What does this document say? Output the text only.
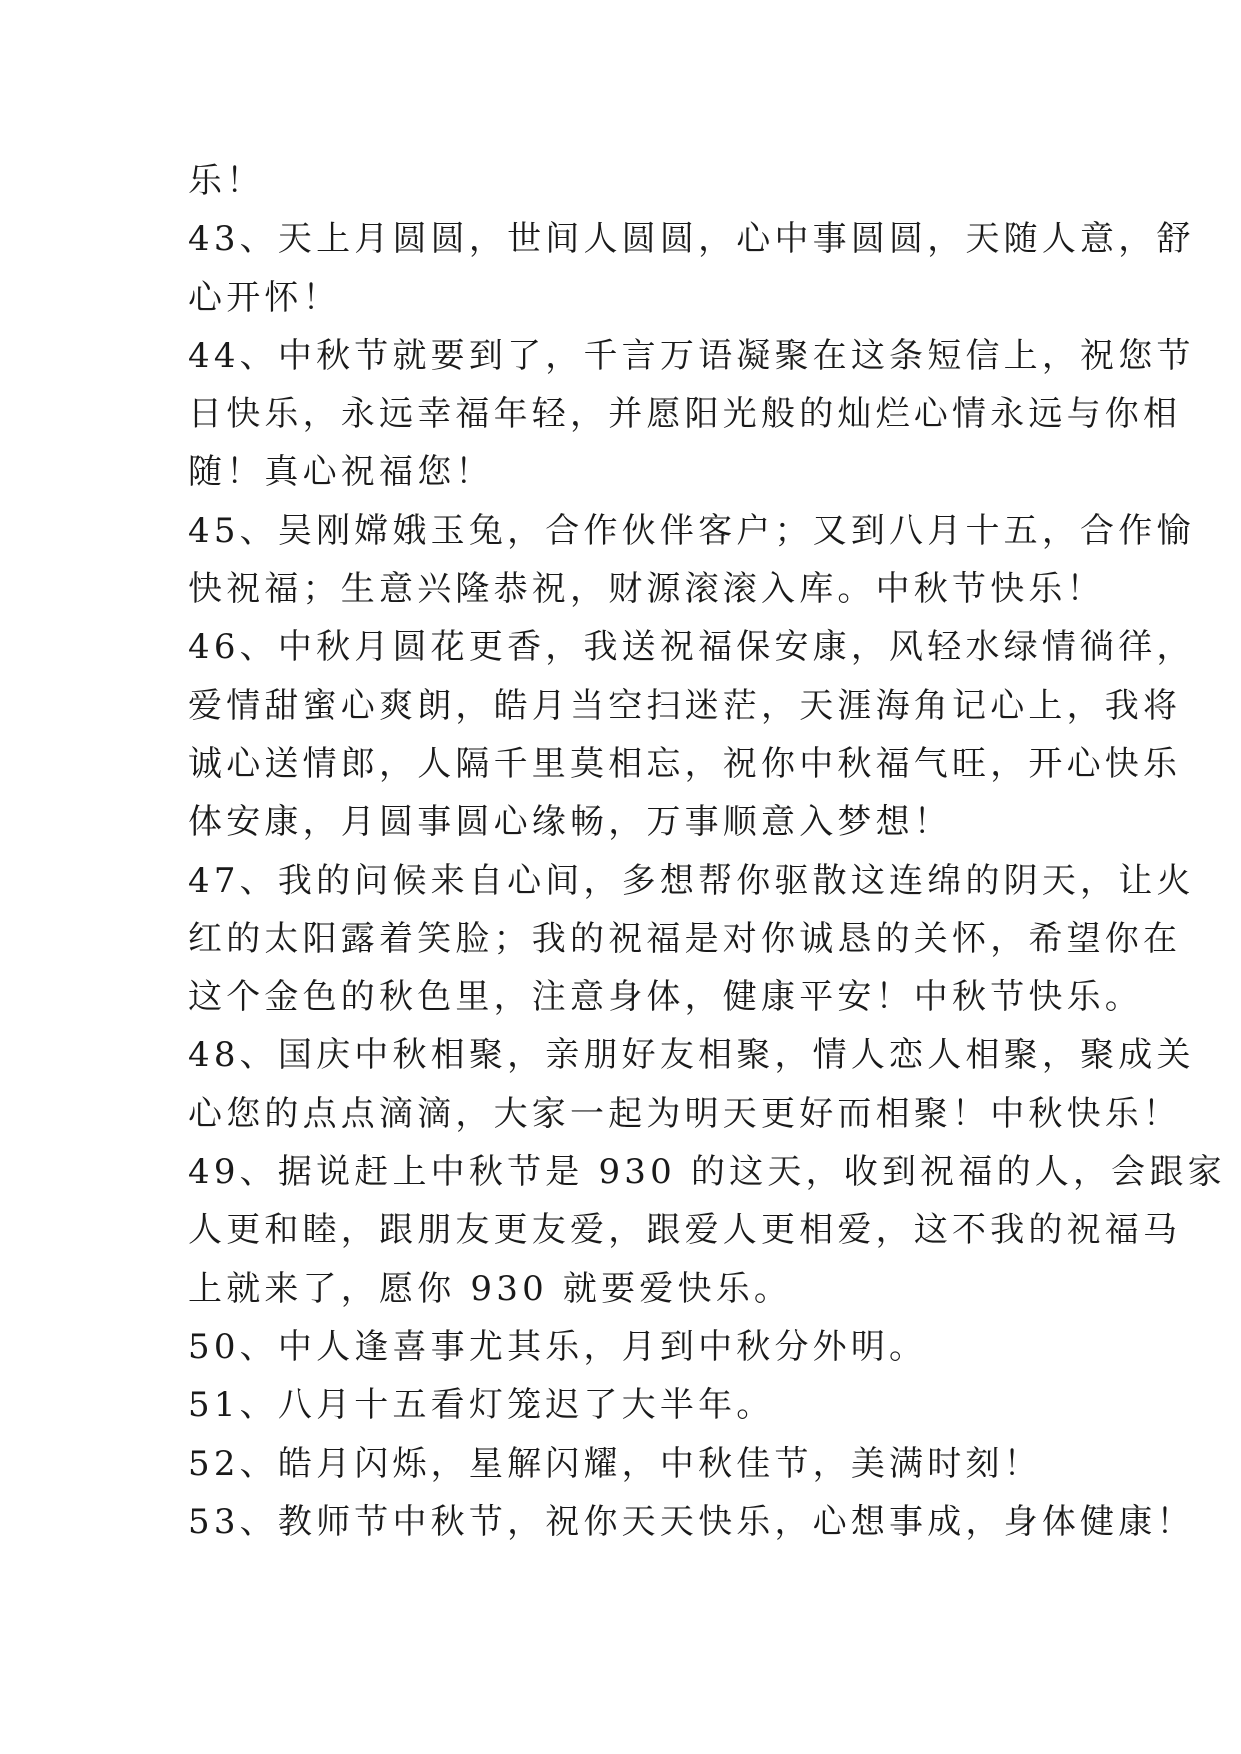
乐！
43、天上月圆圆，世间人圆圆，心中事圆圆，天随人意，舒
心开怀！
44、中秋节就要到了，千言万语凝聚在这条短信上，祝您节
日快乐，永远幸福年轻，并愿阳光般的灿烂心情永远与你相
随！真心祝福您！
45、吴刚嫦娥玉兔，合作伙伴客户；又到八月十五，合作愉
快祝福；生意兴隆恭祝，财源滚滚入库。中秋节快乐！
46、中秋月圆花更香，我送祝福保安康，风轻水绿情徜徉，
爱情甜蜜心爽朗，皓月当空扫迷茫，天涯海角记心上，我将
诚心送情郎，人隔千里莫相忘，祝你中秋福气旺，开心快乐
体安康，月圆事圆心缘畅，万事顺意入梦想！
47、我的问候来自心间，多想帮你驱散这连绵的阴天，让火
红的太阳露着笑脸；我的祝福是对你诚恳的关怀，希望你在
这个金色的秋色里，注意身体，健康平安！中秋节快乐。
48、国庆中秋相聚，亲朋好友相聚，情人恋人相聚，聚成关
心您的点点滴滴，大家一起为明天更好而相聚！中秋快乐！
49、据说赶上中秋节是 930 的这天，收到祝福的人，会跟家
人更和睦，跟朋友更友爱，跟爱人更相爱，这不我的祝福马
上就来了，愿你 930 就要爱快乐。
50、中人逢喜事尤其乐，月到中秋分外明。
51、八月十五看灯笼迟了大半年。
52、皓月闪烁，星解闪耀，中秋佳节，美满时刻！
53、教师节中秋节，祝你天天快乐，心想事成，身体健康！
